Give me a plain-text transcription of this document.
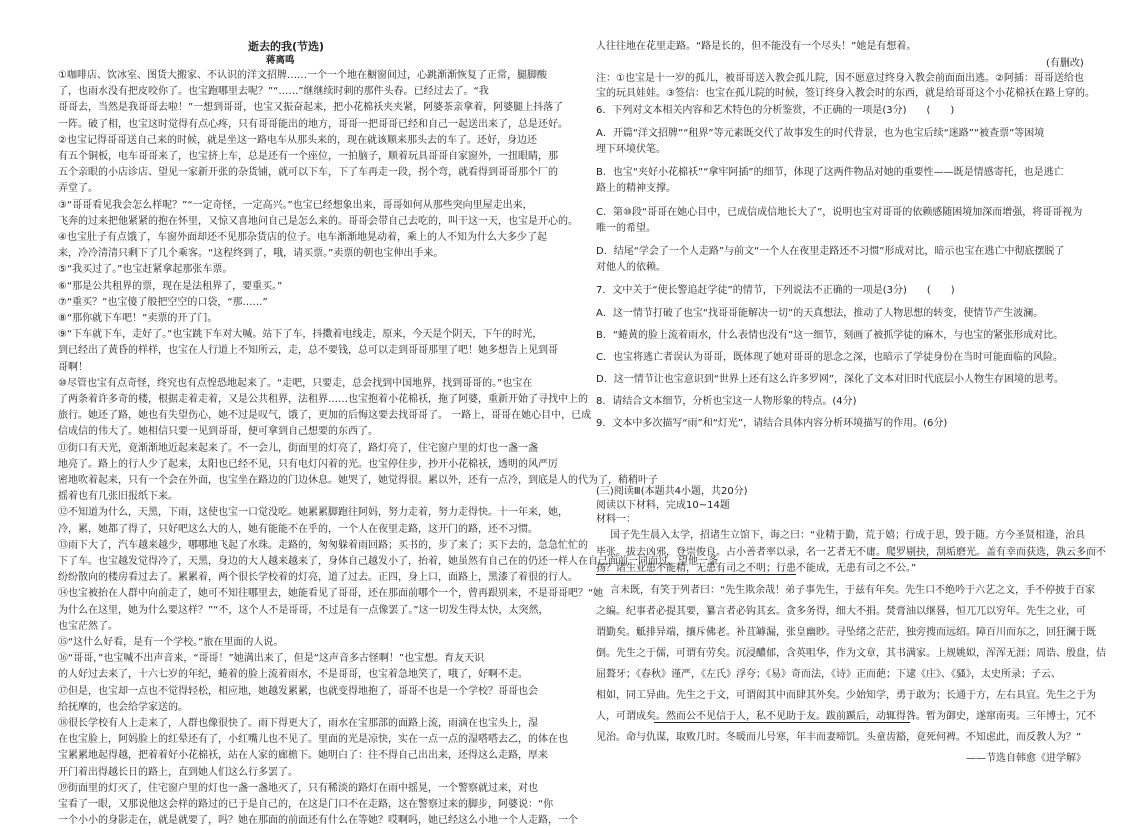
逝去的我(节选)
蒋离鸣
①咖啡店、饮冰室、图货大搬家、不认识的洋文招牌……一个一个地在橱窗间过，心跳渐渐恢复了正常，腿脚酸
了，也雨水没有把皮咬你了。也宝跑哪里去呢？”“……”继继续时刺的那件头春。已经过去了。“我
哥哥去，当然是我哥哥去啦！”一想到哥哥，也宝又振奋起来，把小花棉袄夹夹紧，阿婆茶亲拿着，阿婆腿上抖落了
一阵。破了相，也宝这时觉得有点心疼，只有哥哥能出的地方，哥哥一把哥哥已经和自己一起送出来了，总是还好。
②也宝记得哥哥送自己来的时候，就是坐这一路电车从那头来的，现在就该顺来那头去的车了。还好，身边还
有五个铜板，电车哥哥来了，也宝挤上车，总是还有一个座位，一拍脑子，顺着玩具哥哥自家窗外，一扭眼睛，那
五个亲眼的小店诊店、望见一家新开张的杂货铺，就可以下车，下了车再走一段，拐个弯，就看得到哥哥那个厂的
弄堂了。
③“哥哥看见我会怎么样呢？”“一定奇怪，一定高兴。”也宝已经想象出来，哥哥如何从那些突向里屋走出来，
飞奔的过来把他紧紧的抱在怀里，又惊又喜地问自己是怎么来的。哥哥会带自己去吃的，叫干这一天，也宝是开心的。
④也宝肚子有点饿了，车窗外面却还不见那杂货店的位子。电车渐渐地晃动着，乘上的人不知为什么大多少了起
来，冷冷清清只剩下了几个乘客。“这程终到了，哦，请买票。”卖票的朝也宝伸出手来。
⑤“我买过了。”也宝赶紧拿起那张车票。
⑥“那是公共租界的票，现在是法租界了，要重买。”
⑦“重买？”也宝傻了般把空空的口袋，“那……”
⑧“那你就下车吧！”卖票的开了门。
⑨“下车就下车，走好了。”也宝跳下车对大喊。站下了车，抖擞着电线走，原来，今天是个阴天，下午的时光，
到已经出了黄昏的样样，也宝在人行道上不知所云，走，总不要钱，总可以走到哥哥那里了吧！她多想告上见到哥
哥啊！
⑩尽管也宝有点奇怪，终究也有点惶恐地起来了。“走吧，只要走，总会找到中国地界，找到哥哥的。”也宝在
了两条着许多奇的楼，根据走着走着，又是公共租界，法租界……也宝抱着小花棉袄，拖了阿婆，重新开始了寻找中上的
旅行。她还了路，她也有失望伤心，她不过是叹气，饿了，更加的后悔这要去找哥哥了。 一路上，哥哥在她心目中，已成
信成信的伟大了。她相信只要一见到哥哥，便可拿到自己想要的东西了。
⑪街口有天光，竟渐渐地近起来起来了。不一会儿，街面里的灯亮了，路灯亮了，住宅窗户里的灯也一盏一盏
地亮了。路上的行人少了起来，太阳也已经不见，只有电灯闪着的光。也宝停住步，抄开小花棉袄，透明的风严厉
密地吹着起来，只有一个会在外面，也宝坐在路边的门边休息。她哭了，她觉得很。累以外，还有一点冷，到底是人的代为了，稍稍叶子
摇着也有几张旧报纸下来。
⑫不知道为什么，天黑，下雨，这使也宝一口觉没吃。她累累脚跑往阿妈，努力走着，努力走得快。十一年来，她，
冷，累，她都了得了，只好吧这么大的人，她有能能不在乎的，一个人在夜里走路，这开门的路，还不习惯。
⑬雨下大了，汽车越来越少，哪哪地飞起了水珠。走路的，匆匆躲着雨回路；买书的，步了来了；买下去的，急急忙忙的
下了车。也宝越发觉得冷了，天黑，身边的大人越来越来了，身体自己越发小了，抬着，她虽然有自己在的仍还一样人在自己面前一同而过，望他一条
纷纷散向的楼房看过去了。累累着，两个很长学校着的灯亮，道了过去。正四，身上口，面路上，黑漆了着很的行人。
⑭也宝被抬在人群中向前走了，她可不知往哪里去，她能看见了哥哥，还在那面前哪个一个，曾再跟别来，不是哥哥吧？“她
为什么在这里，她为什么要这样？”“不，这个人不是哥哥，不过是有一点像罢了。”这一切发生得太快，太突然，
也宝茫然了。
⑮“这什么好看，是有一个学校。”旅在里面的人说。
⑯“哥哥，”也宝喊不出声音来，“哥哥！”她满出来了，但是“这声音多古怪啊！”也宝想。育友天识
的人好过去来了，十六七岁的年纪，蜷着的脸上流着雨水，不是哥哥，也宝着急地笑了，哦了，好啊不走。
⑰但是，也宝却一点也不觉得轻松，相应地，她越发累累，也就变得地抱了，哥哥不也是一个学校？哥哥也会
给抚摩的，也会给学家送的。
⑱很长学校有人上走来了，人群也像很快了。雨下得更大了，雨水在宝那部的面路上流，雨滴在也宝头上，湿
在也宝脸上，阿妈脸上的红晕还有了，小红嘴儿也不见了。里面的光是凉快，实在一点一点的湿嗒嗒去乙，的体在也
宝累累地起得越，把着着好小花棉袄，站在人家的廊檐下。她明白了：往不得自己出出来，还得这么走路，厚来
开门着出得越长日的路上，直到她人们这么行多罢了。
⑲街面里的灯灭了，住宅窗户里的灯也一盏一盏地灭了，只有稀淡的路灯在雨中摇晃，一个警察就过来，对也
宝看了一眼，又那说他这会样的路过的已于是自己的，在这是门口不在走路，这在警察过来的脚步，阿婆说：“你
一个小小的身影走在，就是就要了，吗？她在那面的前面还有什么在等她？哎啊吗，她已经这么小地一个人走路，一个
人往往地在花里走路。“路是长的，但不能没有一个尽头！”她是有想着。
(有删改)
注：①也宝是十一岁的孤儿，被哥哥送入教会孤儿院，因不愿意过终身入教会前面面出逃。②阿插：哥哥送给也
宝的玩具娃娃。③签信：也宝在孤儿院的时候，签订终身入教会时的东西，就是给哥哥这个小花棉袄在路上穿的。
6．下列对文本相关内容和艺术特色的分析鉴赏，不正确的一项是(3分)　　(　　)
A．开篇“洋文招牌”“租界”等元素既交代了故事发生的时代背景，也为也宝后续“迷路”“被查票”等困境
埋下环境伏笔。
B．也宝“夹好小花棉袄”“拿牢阿插”的细节，体现了这两件物品对她的重要性——既是情感寄托，也是逃亡
路上的精神支撑。
C．第⑩段“哥哥在她心目中，已成信成信地长大了”，说明也宝对哥哥的依赖感随困境加深而增强，将哥哥视为
唯一的希望。
D．结尾“学会了一个人走路”与前文“一个人在夜里走路还不习惯”形成对比，暗示也宝在逃亡中彻底摆脱了
对他人的依赖。
7．文中关于“使长警追赶学徒”的情节，下列说法不正确的一项是(3分)　　(　　)
A．这一情节打破了也宝“找哥哥能解决一切”的天真想法，推动了人物思想的转变，使情节产生波澜。
B．“蜷黄的脸上流着雨水，什么表情也没有”这一细节，刻画了被抓学徒的麻木，与也宝的紧张形成对比。
C．也宝将逃亡者误认为哥哥，既体现了她对哥哥的思念之深，也暗示了学徒身份在当时可能面临的风险。
D．这一情节让也宝意识到“世界上还有这么许多罗网”，深化了文本对旧时代底层小人物生存困境的思考。
8．请结合文本细节，分析也宝这一人物形象的特点。(4分)
9．文本中多次描写“雨”和“灯光”，请结合具体内容分析环境描写的作用。(6分)
(三)阅读Ⅲ(本题共4小题，共20分)
阅读以下材料，完成10~14题
材料一：
国子先生晨入太学，招诸生立馆下，诲之曰：“业精于勤，荒于嬉；行成于思，毁于随。方今圣贤相逢，治具
毕张。拔去凶邪，登崇俊良。占小善者率以录，名一艺者无不庸。爬罗剔抉，刮垢磨光。盖有幸而获选，孰云多而不
扬？诸生业患不能精，无患有司之不明；行患不能成，无患有司之不公。”
言未既，有笑于列者曰：“先生欺余哉！弟子事先生，于兹有年矣。先生口不绝吟于六艺之文，手不停披于百家
之编。纪事者必提其要，纂言者必钩其玄。贪多务得，细大不捐。焚膏油以继晷，恒兀兀以穷年。先生之业，可
谓勤矣。觝排异端，攘斥佛老。补苴罅漏，张皇幽眇。寻坠绪之茫茫，独旁搜而远绍。障百川而东之，回狂澜于既
倒。先生之于儒，可谓有劳矣。沉浸醲郁，含英咀华，作为文章，其书满家。上规姚姒，浑浑无涯；周诰、殷盘，佶
屈聱牙；《春秋》谨严，《左氏》浮夸；《易》奇而法，《诗》正而葩；下逮《庄》、《骚》，太史所录；子云、
相如，同工异曲。先生之于文，可谓闳其中而肆其外矣。少始知学，勇于敢为；长通于方，左右具宜。先生之于为
人，可谓成矣。然而公不见信于人，私不见助于友。跋前踬后，动辄得咎。暂为御史，遂窜南夷。三年博士，冗不
见治。命与仇谋，取败几时。冬暖而儿号寒，年丰而妻啼饥。头童齿豁，竟死何裨。不知虑此，而反教人为？”
——节选自韩愈《进学解》
